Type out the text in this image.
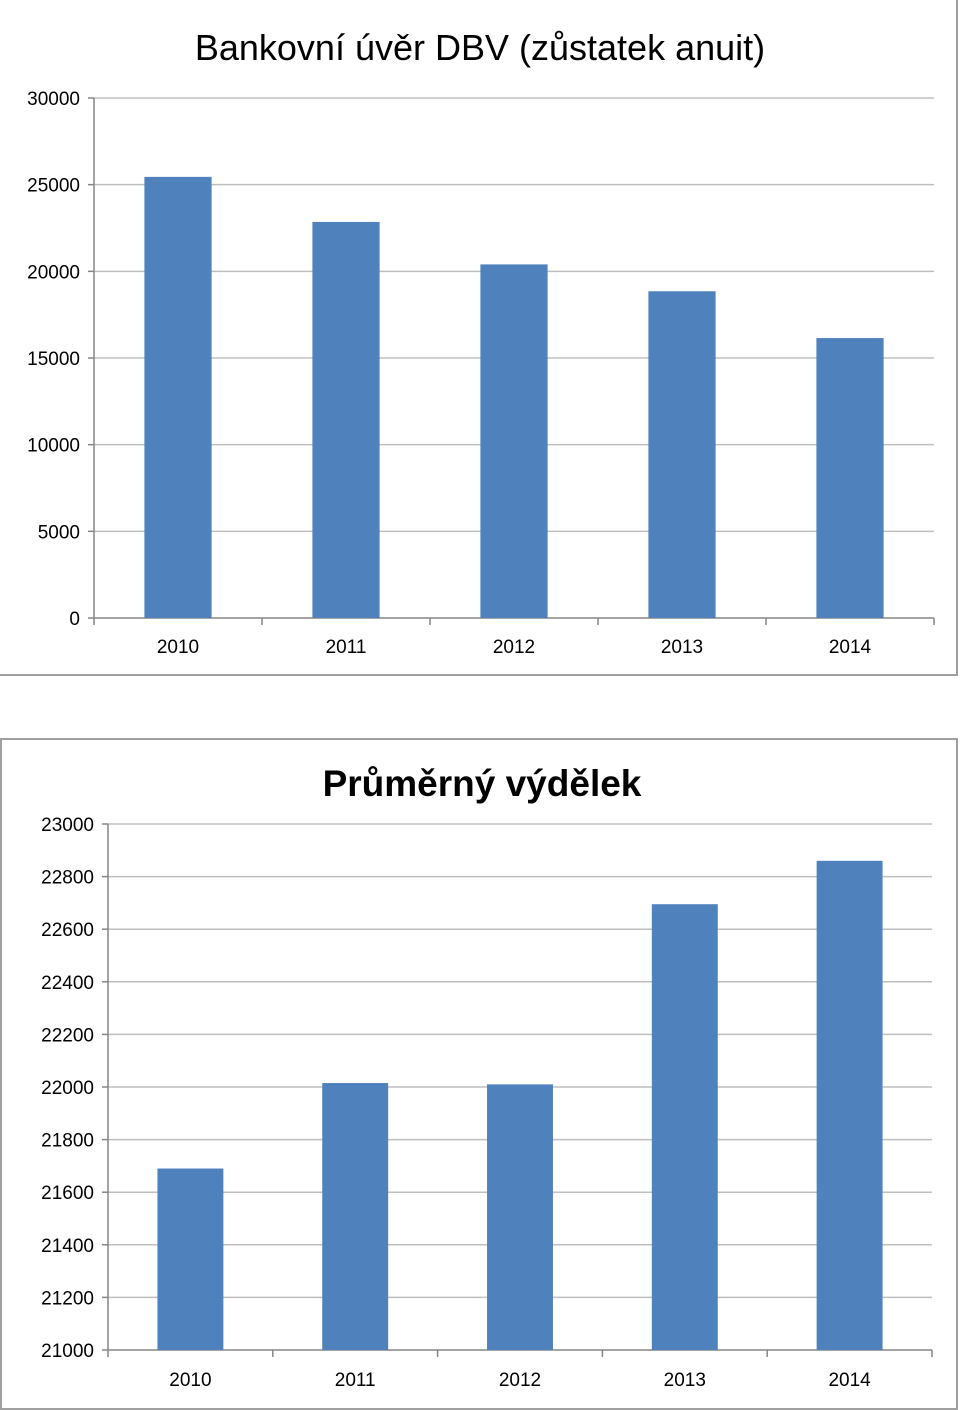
Bankovní úvěr DBV (zůstatek anuit)
0
5000
10000
15000
20000
25000
30000
2010	2011	2012	2013	2014
Průměrný výdělek
21000
21200
21400
21600
21800
22000
22200
22400
22600
22800
23000
2010	2011	2012	2013	2014
